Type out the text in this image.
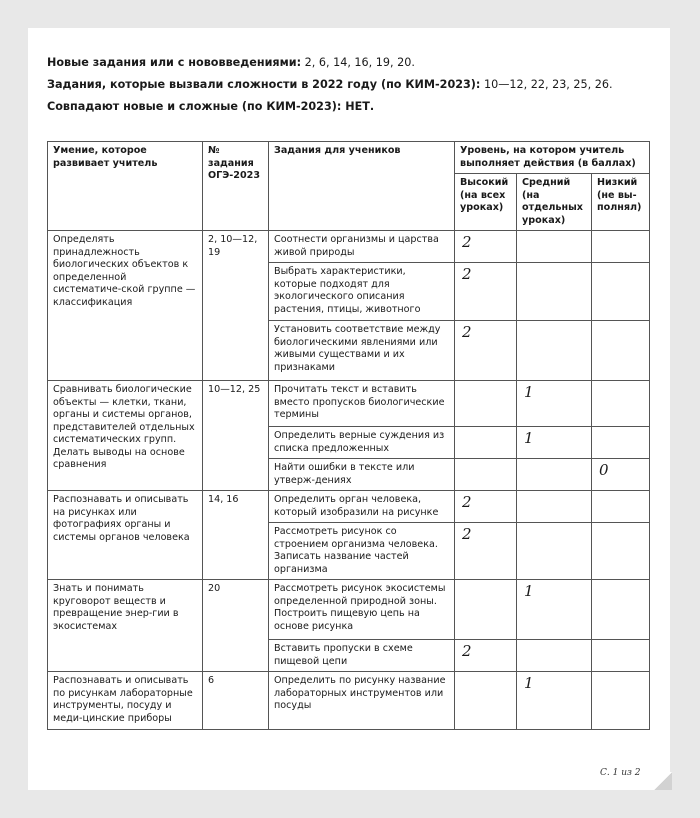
Новые задания или с нововведениями: 2, 6, 14, 16, 19, 20.

Задания, которые вызвали сложности в 2022 году (по КИМ-2023): 10—12, 22, 23, 25, 26.

Совпадают новые и сложные (по КИМ-2023): НЕТ.

Умение, которое развивает учитель	№ задания ОГЭ-2023	Задания для учеников	Уровень, на котором учитель выполняет действия (в баллах)		
			Высокий (на всех уроках)	Средний (на отдельных уроках)	Низкий (не вы-полнял)
Определять принадлежность биологических объектов к определенной систематиче-ской группе — классификация	2, 10—12, 19	Соотнести организмы и царства живой природы	2		

		Выбрать характеристики, которые подходят для экологического описания растения, птицы, животного	2		

		Установить соответствие между биологическими явлениями или живыми существами и их признаками	2		

Сравнивать биологические объекты — клетки, ткани, органы и системы органов, представителей отдельных систематических групп. Делать выводы на основе сравнения	10—12, 25	Прочитать текст и вставить вместо пропусков биологические термины		1	

		Определить верные суждения из списка предложенных		1	

		Найти ошибки в тексте или утверж-дениях			0

Распознавать и описывать на рисунках или фотографиях органы и системы органов человека	14, 16	Определить орган человека, который изобразили на рисунке	2		

		Рассмотреть рисунок со строением организма человека. Записать название частей организма	2		

Знать и понимать круговорот веществ и превращение энер-гии в экосистемах	20	Рассмотреть рисунок экосистемы определенной природной зоны. Построить пищевую цепь на основе рисунка		1	

		Вставить пропуски в схеме пищевой цепи	2		

Распознавать и описывать по рисункам лабораторные инструменты, посуду и меди-цинские приборы	6	Определить по рисунку название лабораторных инструментов или посуды		1	

С. 1 из 2
